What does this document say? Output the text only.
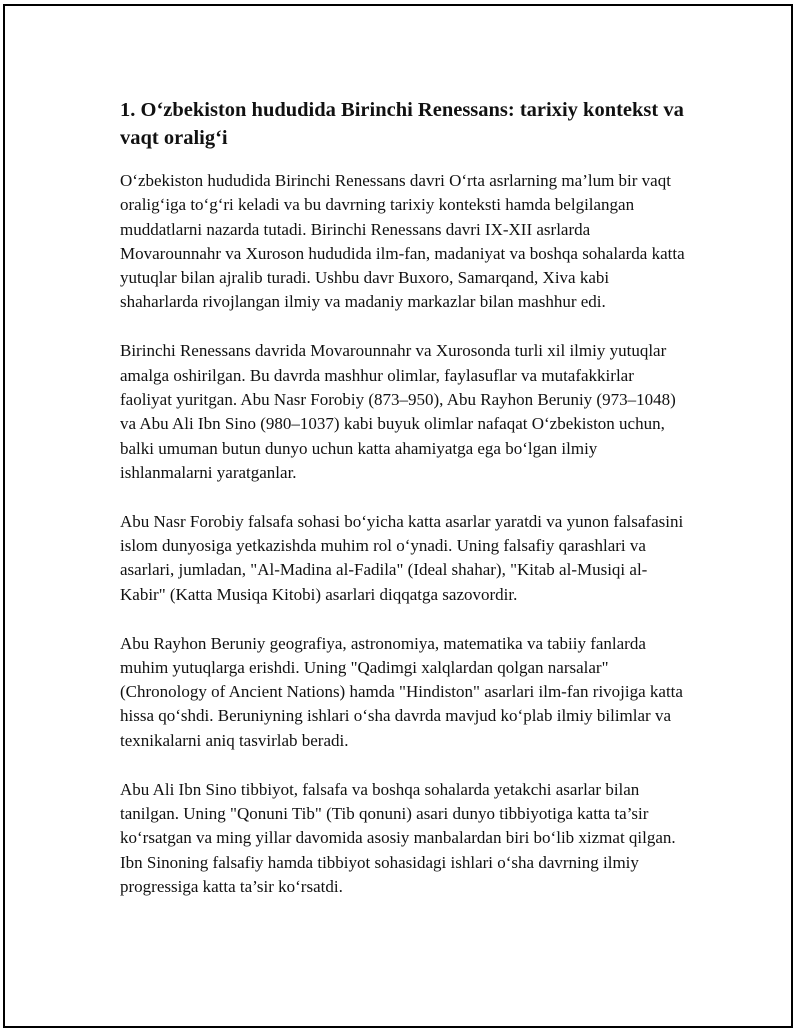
1. O‘zbekiston hududida Birinchi Renessans: tarixiy kontekst va vaqt oralig‘i

O‘zbekiston hududida Birinchi Renessans davri O‘rta asrlarning ma’lum bir vaqt oralig‘iga to‘g‘ri keladi va bu davrning tarixiy konteksti hamda belgilangan muddatlarni nazarda tutadi. Birinchi Renessans davri IX-XII asrlarda Movarounnahr va Xuroson hududida ilm-fan, madaniyat va boshqa sohalarda katta yutuqlar bilan ajralib turadi. Ushbu davr Buxoro, Samarqand, Xiva kabi shaharlarda rivojlangan ilmiy va madaniy markazlar bilan mashhur edi.

Birinchi Renessans davrida Movarounnahr va Xurosonda turli xil ilmiy yutuqlar amalga oshirilgan. Bu davrda mashhur olimlar, faylasuflar va mutafakkirlar faoliyat yuritgan. Abu Nasr Forobiy (873–950), Abu Rayhon Beruniy (973–1048) va Abu Ali Ibn Sino (980–1037) kabi buyuk olimlar nafaqat O‘zbekiston uchun, balki umuman butun dunyo uchun katta ahamiyatga ega bo‘lgan ilmiy ishlanmalarni yaratganlar.

Abu Nasr Forobiy falsafa sohasi bo‘yicha katta asarlar yaratdi va yunon falsafasini islom dunyosiga yetkazishda muhim rol o‘ynadi. Uning falsafiy qarashlari va asarlari, jumladan, "Al-Madina al-Fadila" (Ideal shahar), "Kitab al-Musiqi al-Kabir" (Katta Musiqa Kitobi) asarlari diqqatga sazovordir.

Abu Rayhon Beruniy geografiya, astronomiya, matematika va tabiiy fanlarda muhim yutuqlarga erishdi. Uning "Qadimgi xalqlardan qolgan narsalar" (Chronology of Ancient Nations) hamda "Hindiston" asarlari ilm-fan rivojiga katta hissa qo‘shdi. Beruniyning ishlari o‘sha davrda mavjud ko‘plab ilmiy bilimlar va texnikalarni aniq tasvirlab beradi.

Abu Ali Ibn Sino tibbiyot, falsafa va boshqa sohalarda yetakchi asarlar bilan tanilgan. Uning "Qonuni Tib" (Tib qonuni) asari dunyo tibbiyotiga katta ta’sir ko‘rsatgan va ming yillar davomida asosiy manbalardan biri bo‘lib xizmat qilgan. Ibn Sinoning falsafiy hamda tibbiyot sohasidagi ishlari o‘sha davrning ilmiy progressiga katta ta’sir ko‘rsatdi.
